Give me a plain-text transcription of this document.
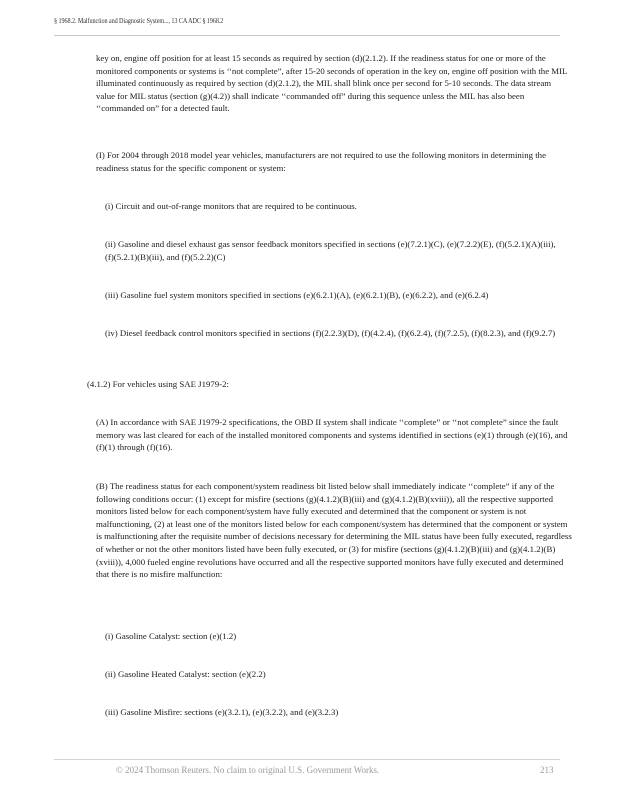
§ 1968.2. Malfunction and Diagnostic System..., 13 CA ADC § 1968.2

key on, engine off position for at least 15 seconds as required by section (d)(2.1.2). If the readiness status for one or more of the monitored components or systems is ‘‘not complete”, after 15-20 seconds of operation in the key on, engine off position with the MIL illuminated continuously as required by section (d)(2.1.2), the MIL shall blink once per second for 5-10 seconds. The data stream value for MIL status (section (g)(4.2)) shall indicate ‘‘commanded off” during this sequence unless the MIL has also been ‘‘commanded on” for a detected fault.

(I) For 2004 through 2018 model year vehicles, manufacturers are not required to use the following monitors in determining the readiness status for the specific component or system:

(i) Circuit and out-of-range monitors that are required to be continuous.

(ii) Gasoline and diesel exhaust gas sensor feedback monitors specified in sections (e)(7.2.1)(C), (e)(7.2.2)(E), (f)(5.2.1)(A)(iii), (f)(5.2.1)(B)(iii), and (f)(5.2.2)(C)

(iii) Gasoline fuel system monitors specified in sections (e)(6.2.1)(A), (e)(6.2.1)(B), (e)(6.2.2), and (e)(6.2.4)

(iv) Diesel feedback control monitors specified in sections (f)(2.2.3)(D), (f)(4.2.4), (f)(6.2.4), (f)(7.2.5), (f)(8.2.3), and (f)(9.2.7)

(4.1.2) For vehicles using SAE J1979-2:

(A) In accordance with SAE J1979-2 specifications, the OBD II system shall indicate ‘‘complete” or ‘‘not complete” since the fault memory was last cleared for each of the installed monitored components and systems identified in sections (e)(1) through (e)(16), and (f)(1) through (f)(16).

(B) The readiness status for each component/system readiness bit listed below shall immediately indicate ‘‘complete” if any of the following conditions occur: (1) except for misfire (sections (g)(4.1.2)(B)(iii) and (g)(4.1.2)(B)(xviii)), all the respective supported monitors listed below for each component/system have fully executed and determined that the component or system is not malfunctioning, (2) at least one of the monitors listed below for each component/system has determined that the component or system is malfunctioning after the requisite number of decisions necessary for determining the MIL status have been fully executed, regardless of whether or not the other monitors listed have been fully executed, or (3) for misfire (sections (g)(4.1.2)(B)(iii) and (g)(4.1.2)(B)(xviii)), 4,000 fueled engine revolutions have occurred and all the respective supported monitors have fully executed and determined that there is no misfire malfunction:

(i) Gasoline Catalyst: section (e)(1.2)

(ii) Gasoline Heated Catalyst: section (e)(2.2)

(iii) Gasoline Misfire: sections (e)(3.2.1), (e)(3.2.2), and (e)(3.2.3)

© 2024 Thomson Reuters. No claim to original U.S. Government Works.	213
